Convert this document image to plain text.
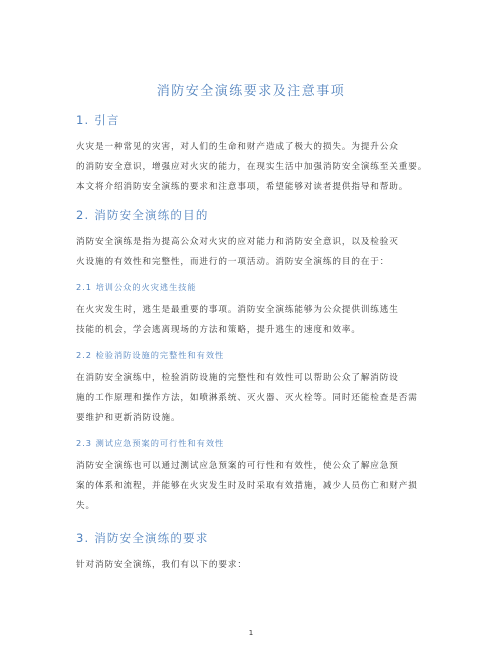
消防安全演练要求及注意事项
1. 引言

火灾是一种常见的灾害，对人们的生命和财产造成了极大的损失。为提升公众
的消防安全意识，增强应对火灾的能力，在现实生活中加强消防安全演练至关重要。
本文将介绍消防安全演练的要求和注意事项，希望能够对读者提供指导和帮助。

2. 消防安全演练的目的

消防安全演练是指为提高公众对火灾的应对能力和消防安全意识，以及检验灭
火设施的有效性和完整性，而进行的一项活动。消防安全演练的目的在于：

2.1 培训公众的火灾逃生技能

在火灾发生时，逃生是最重要的事项。消防安全演练能够为公众提供训练逃生
技能的机会，学会逃离现场的方法和策略，提升逃生的速度和效率。

2.2 检验消防设施的完整性和有效性

在消防安全演练中，检验消防设施的完整性和有效性可以帮助公众了解消防设
施的工作原理和操作方法，如喷淋系统、灭火器、灭火栓等。同时还能检查是否需
要维护和更新消防设施。

2.3 测试应急预案的可行性和有效性

消防安全演练也可以通过测试应急预案的可行性和有效性，使公众了解应急预
案的体系和流程，并能够在火灾发生时及时采取有效措施，减少人员伤亡和财产损
失。

3. 消防安全演练的要求

针对消防安全演练，我们有以下的要求：

1
